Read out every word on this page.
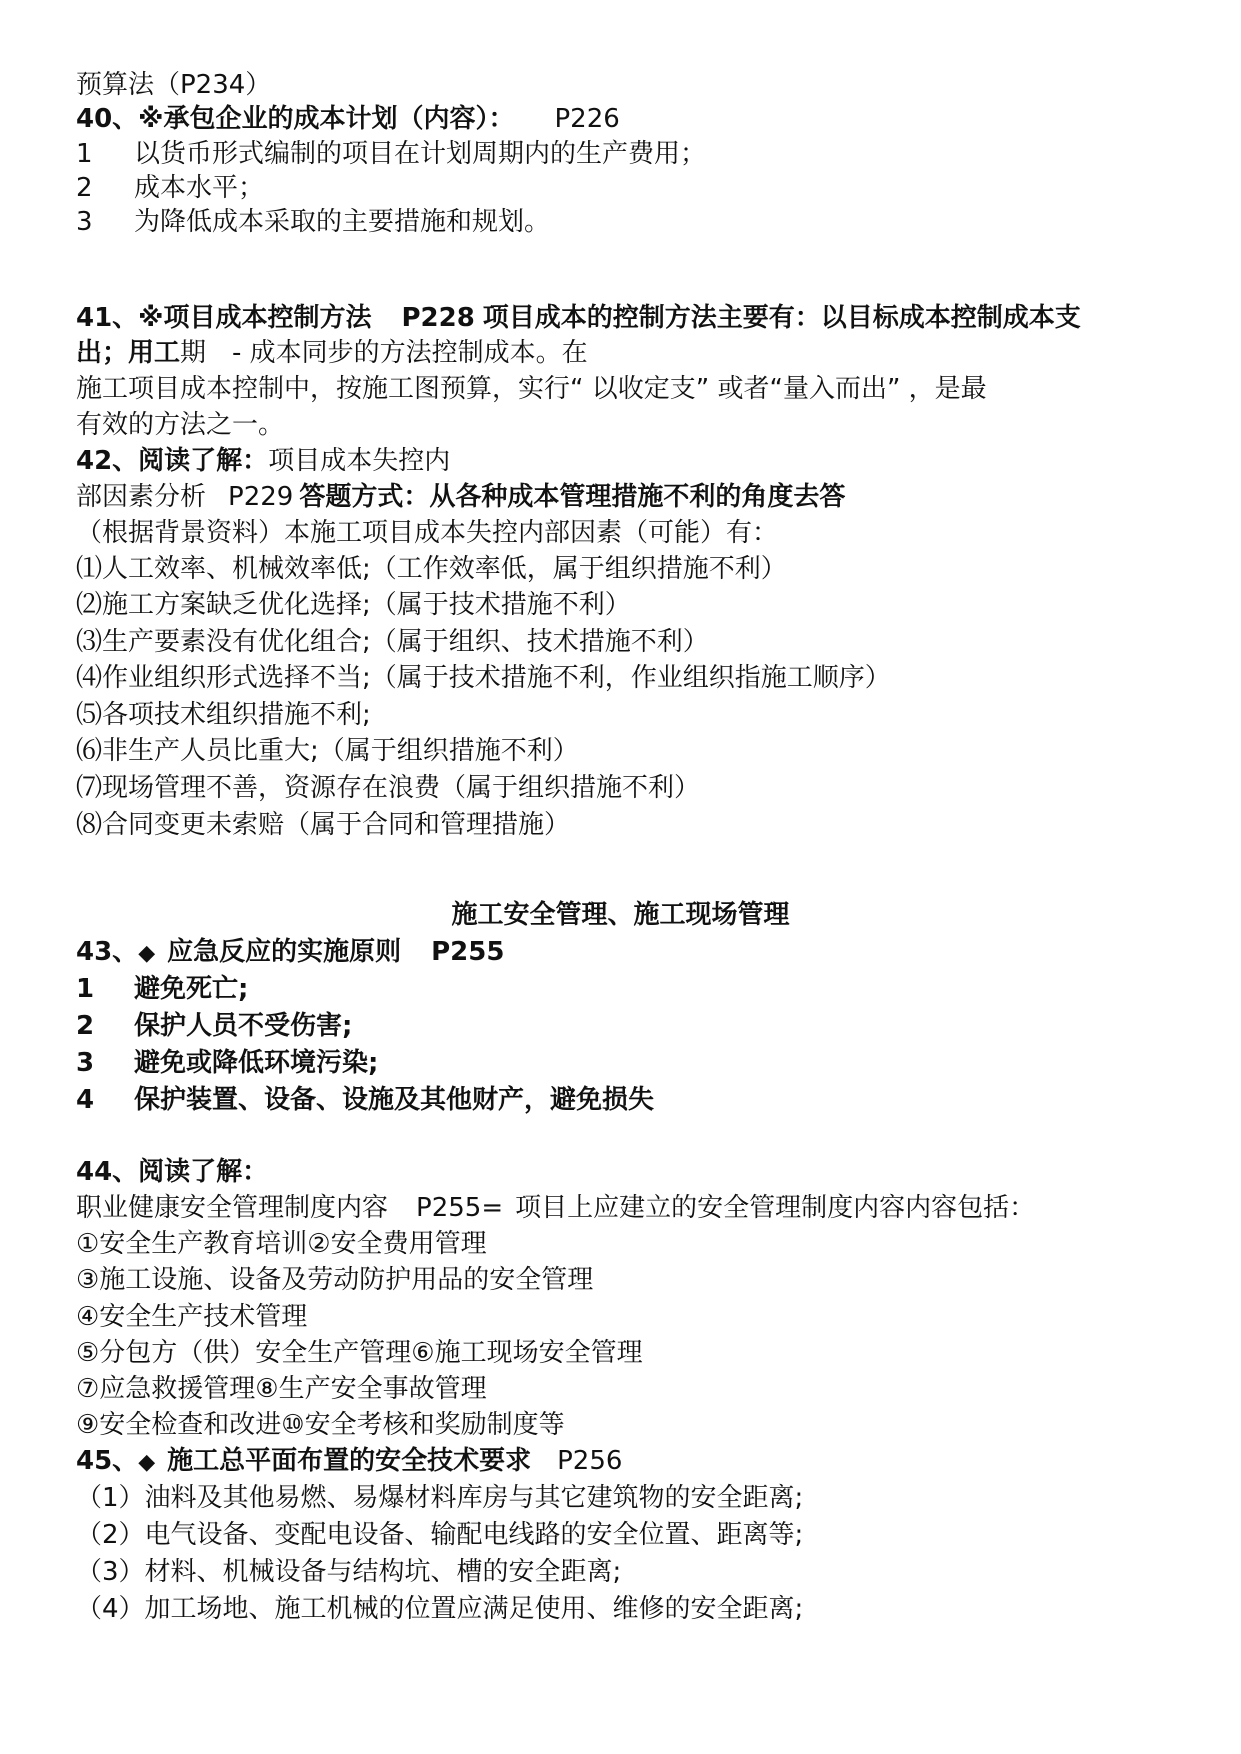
预算法（P234）
40、※承包企业的成本计划（内容）： P226
1 以货币形式编制的项目在计划周期内的生产费用；
2 成本水平；
3 为降低成本采取的主要措施和规划。
41、※项目成本控制方法 P228 项目成本的控制方法主要有：以目标成本控制成本支
出；用工期　- 成本同步的方法控制成本。在
施工项目成本控制中，按施工图预算，实行“ 以收定支” 或者“量入而出” ，是最
有效的方法之一。
42、阅读了解：项目成本失控内
部因素分析 P229 答题方式：从各种成本管理措施不利的角度去答
（根据背景资料）本施工项目成本失控内部因素（可能）有：
⑴人工效率、机械效率低;（工作效率低，属于组织措施不利）
⑵施工方案缺乏优化选择;（属于技术措施不利）
⑶生产要素没有优化组合;（属于组织、技术措施不利）
⑷作业组织形式选择不当;（属于技术措施不利，作业组织指施工顺序）
⑸各项技术组织措施不利;
⑹非生产人员比重大;（属于组织措施不利）
⑺现场管理不善，资源存在浪费（属于组织措施不利）
⑻合同变更未索赔（属于合同和管理措施）
施工安全管理、施工现场管理
43、◆ 应急反应的实施原则 P255
1 避免死亡;
2 保护人员不受伤害;
3 避免或降低环境污染;
4 保护装置、设备、设施及其他财产，避免损失
44、阅读了解：
职业健康安全管理制度内容 P255= 项目上应建立的安全管理制度内容内容包括：
①安全生产教育培训②安全费用管理
③施工设施、设备及劳动防护用品的安全管理
④安全生产技术管理
⑤分包方（供）安全生产管理⑥施工现场安全管理
⑦应急救援管理⑧生产安全事故管理
⑨安全检查和改进⑩安全考核和奖励制度等
45、◆ 施工总平面布置的安全技术要求 P256
（1）油料及其他易燃、易爆材料库房与其它建筑物的安全距离;
（2）电气设备、变配电设备、输配电线路的安全位置、距离等;
（3）材料、机械设备与结构坑、槽的安全距离;
（4）加工场地、施工机械的位置应满足使用、维修的安全距离;
